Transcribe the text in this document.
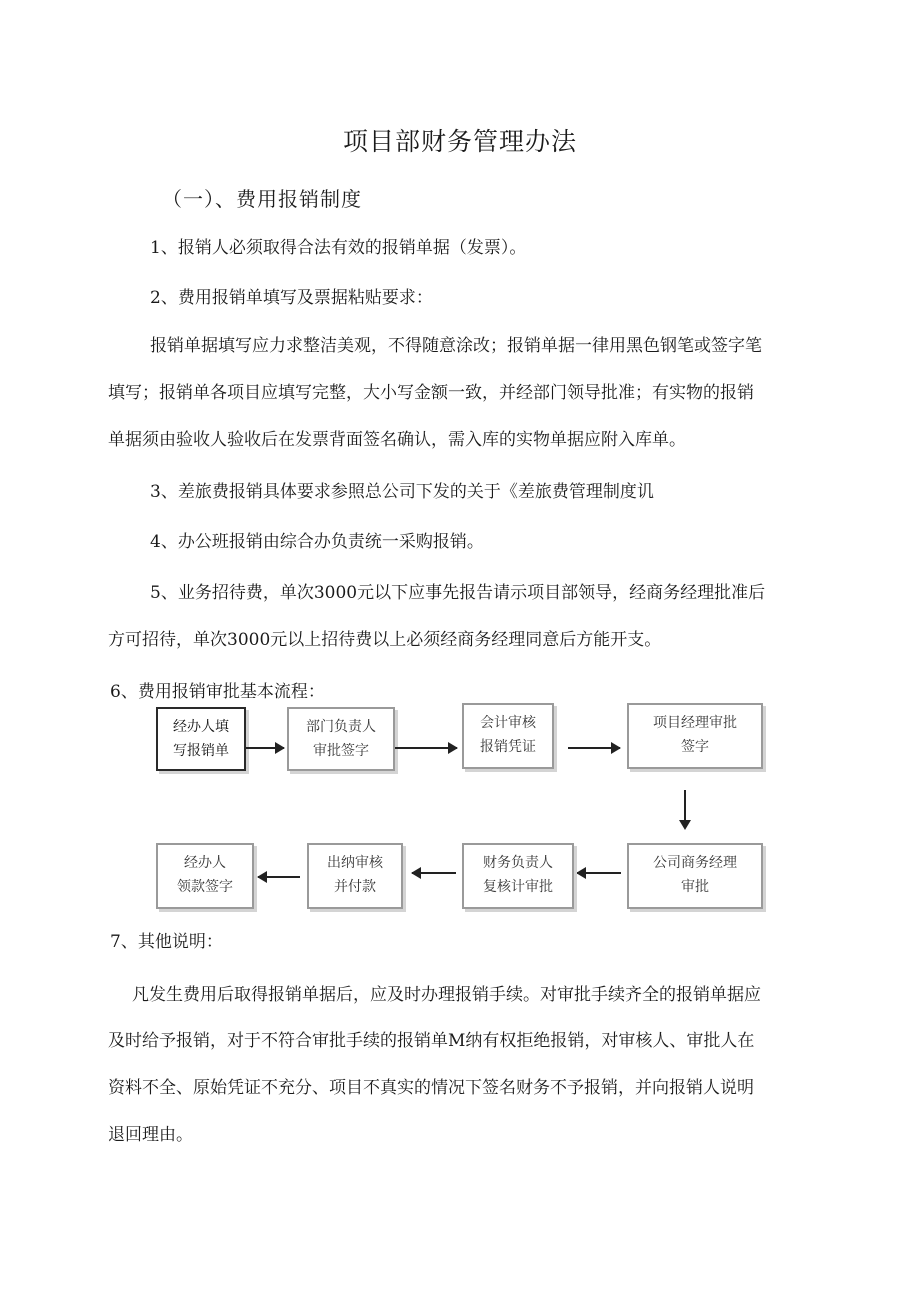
项目部财务管理办法
（一）、费用报销制度
1、报销人必须取得合法有效的报销单据（发票）。
2、费用报销单填写及票据粘贴要求：
报销单据填写应力求整洁美观，不得随意涂改；报销单据一律用黑色钢笔或签字笔
填写；报销单各项目应填写完整，大小写金额一致，并经部门领导批准；有实物的报销
单据须由验收人验收后在发票背面签名确认，需入库的实物单据应附入库单。
3、差旅费报销具体要求参照总公司下发的关于《差旅费管理制度讥
4、办公班报销由综合办负责统一采购报销。
5、业务招待费，单次3000元以下应事先报告请示项目部领导，经商务经理批准后
方可招待，单次3000元以上招待费以上必须经商务经理同意后方能开支。
6、费用报销审批基本流程：
经办人填
写报销单
部门负责人
审批签字
会计审核
报销凭证
项目经理审批
签字
公司商务经理
审批
财务负责人
复核计审批
出纳审核
并付款
经办人
领款签字
7、其他说明：
凡发生费用后取得报销单据后，应及时办理报销手续。对审批手续齐全的报销单据应
及时给予报销，对于不符合审批手续的报销单M纳有权拒绝报销，对审核人、审批人在
资料不全、原始凭证不充分、项目不真实的情况下签名财务不予报销，并向报销人说明
退回理由。
